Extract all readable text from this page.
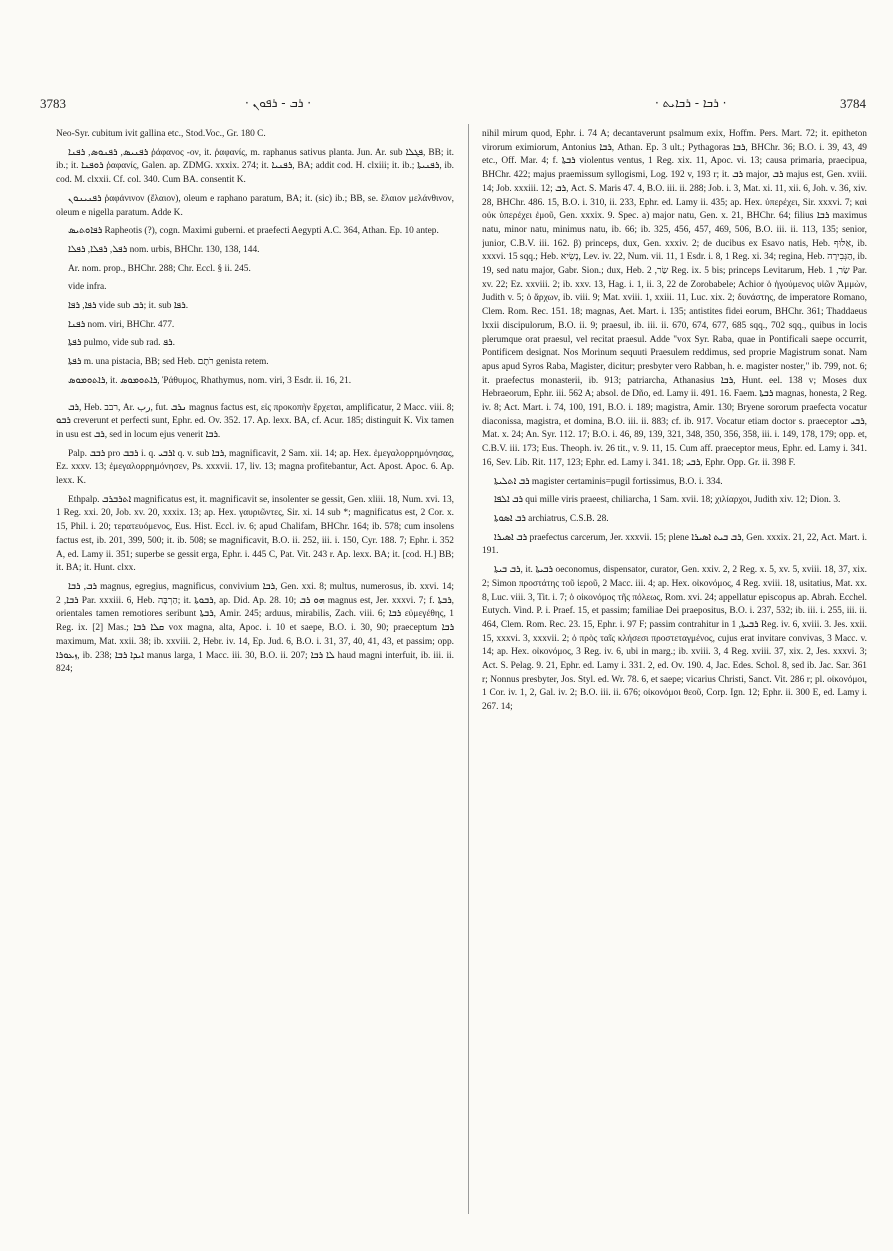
3783	· ܪܒ - ܪܦܘܢ ·	· ܪܒܐ - ܪܒܐܝܬ ·	3784

Neo-Syr. cubitum ivit gallina etc., Stod.Voc., Gr. 180 C.

ܪܦܢܝܣ, ܪܦܢܘܣ, ܪܦܢܐ ῥάφανος -ον, it. ῥαφανίς, m. raphanus sativus planta. Jun. Ar. sub ܦܓܠܐ, BB; it. ib.; it. ܪܘܦܢܐ ῥαφανίς, Galen. ap. ZDMG. xxxix. 274; it. ܪܦܢܝܐ, BA; addit cod. H. clxiii; it. ib.; ܪܦܢܝܬܐ, ib. cod. M. clxxii. Cf. col. 340. Cum BA. consentit K.

ܪܦܢܝܢܘܢ ῥαφάνινον (ἔλαιον), oleum e raphano paratum, BA; it. (sic) ib.; BB, se. ἔλαιον μελάνθινον, oleum e nigella paratum. Adde K.

ܪܦܐܘܬܝܣ Rapheotis (?), cogn. Maximi guberni. et praefecti Aegypti A.C. 364, Athan. Ep. 10 antep.

ܪܦܠ, ܪܦܠܐ, ܪܦܠܐ nom. urbis, BHChr. 130, 138, 144.

Ar. nom. prop., BHChr. 288; Chr. Eccl. § ii. 245.

vide infra.

ܪܦܐ, ܪܦܐ vide sub ܪܒ; it. sub ܪܦܐ.

ܪܦܢܐ nom. viri, BHChr. 477.

ܪܦܬܐ pulmo, vide sub rad. ܪܦ.

ܪܦܬܐ m. una pistacia, BB; sed Heb. רֹתֶם genista retem.

ܪܐܬܘܡܘܣ, it. ܪܐܬܘܡܘܣ, Ῥάθυμος, Rhathymus, nom. viri, 3 Esdr. ii. 16, 21.

ܪܒ, Heb. רבב, Ar. رب, fut. ܢܪܒ magnus factus est, εἰς προκοπὴν ἔρχεται, amplificatur, 2 Macc. viii. 8; ܪܒܘ creverunt et perfecti sunt, Ephr. ed. Ov. 352. 17. Ap. lexx. BA, cf. Acur. 185; distinguit K. Vix tamen in usu est ܪܒ, sed in locum ejus venerit ܪܒܐ.

Palp. ܪܒܒ pro ܪܒܒ i. q. ܐܪܒܝ q. v. sub ܪܒܐ, magnificavit, 2 Sam. xii. 14; ap. Hex. ἐμεγαλορρημόνησας, Ez. xxxv. 13; ἐμεγαλορρημόνησεν, Ps. xxxvii. 17, liv. 13; magna profitebantur, Act. Apost. Apoc. 6. Ap. lexx. K.

Ethpalp. ܐܬܪܒܪܒ magnificatus est, it. magnificavit se, insolenter se gessit, Gen. xliii. 18, Num. xvi. 13, 1 Reg. xxi. 20, Job. xv. 20, xxxix. 13; ap. Hex. γαυριῶντες, Sir. xi. 14 sub *; magnificatus est, 2 Cor. x. 15, Phil. i. 20; τερατευόμενος, Eus. Hist. Eccl. iv. 6; apud Chalifam, BHChr. 164; ib. 578; cum insolens factus est, ib. 201, 399, 500; it. ib. 508; se magnificavit, B.O. ii. 252, iii. i. 150, Cyr. 188. 7; Ephr. i. 352 A, ed. Lamy ii. 351; superbe se gessit erga, Ephr. i. 445 C, Pat. Vit. 243 r. Ap. lexx. BA; it. [cod. H.] BB; it. BA; it. Hunt. clxx.

ܪܒ, ܪܒܐ magnus, egregius, magnificus, convivium ܪܒܐ, Gen. xxi. 8; multus, numerosus, ib. xxvi. 14; ܪܒܐ, 2 Par. xxxiii. 6, Heb. הַרְבָּה; it. ܪܒܘܬܐ, ap. Did. Ap. 28. 10; ܗܘ ܪܒ magnus est, Jer. xxxvi. 7; f. ܪܒܬܐ, orientales tamen remotiores seribunt ܪܒܬܐ, Amir. 245; arduus, mirabilis, Zach. viii. 6; ܪܒܐ εὐμεγέθης, 1 Reg. ix. [2] Mas.; ܩܠܐ ܪܒܐ vox magna, alta, Apoc. i. 10 et saepe, B.O. i. 30, 90; praeceptum ܪܒܐ maximum, Mat. xxii. 38; ib. xxviii. 2, Hebr. iv. 14, Ep. Jud. 6, B.O. i. 31, 37, 40, 41, 43, et passim; opp. ܙܥܘܪܐ, ib. 238; ܐܝܕܐ ܪܒܐ manus larga, 1 Macc. iii. 30, B.O. ii. 207; ܠܐ ܪܒܐ haud magni interfuit, ib. iii. ii. 824;

nihil mirum quod, Ephr. i. 74 A; decantaverunt psalmum exix, Hoffm. Pers. Mart. 72; it. epitheton virorum eximiorum, Antonius ܪܒܐ, Athan. Ep. 3 ult.; Pythagoras ܪܒܐ, BHChr. 36; B.O. i. 39, 43, 49 etc., Off. Mar. 4; f. ܪܒܬܐ violentus ventus, 1 Reg. xix. 11, Apoc. vi. 13; causa primaria, praecipua, BHChr. 422; majus praemissum syllogismi, Log. 192 v, 193 r; it. ܪܒ major, ܪܒ majus est, Gen. xviii. 14; Job. xxxiii. 12; ܪܒ, Act. S. Maris 47. 4, B.O. iii. ii. 288; Job. i. 3, Mat. xi. 11, xii. 6, Joh. v. 36, xiv. 28, BHChr. 486. 15, B.O. i. 310, ii. 233, Ephr. ed. Lamy ii. 435; ap. Hex. ὑπερέχει, Sir. xxxvi. 7; καὶ οὐκ ὑπερέχει ἐμοῦ, Gen. xxxix. 9. Spec. a) major natu, Gen. x. 21, BHChr. 64; filius ܪܒܐ maximus natu, minor natu, minimus natu, ib. 66; ib. 325, 456, 457, 469, 506, B.O. iii. ii. 113, 135; senior, junior, C.B.V. iii. 162. β) princeps, dux, Gen. xxxiv. 2; de ducibus ex Esavo natis, Heb. אַלּוּף, ib. xxxvi. 15 sqq.; Heb. נָשִׂיא, Lev. iv. 22, Num. vii. 11, 1 Esdr. i. 8, 1 Reg. xi. 34; regina, Heb. הַגְּבִירָה, ib. 19, sed natu major, Gabr. Sion.; dux, Heb. שַׂר, 2 Reg. ix. 5 bis; princeps Levitarum, Heb. שַׂר, 1 Par. xv. 22; Ez. xxviii. 2; ib. xxv. 13, Hag. i. 1, ii. 3, 22 de Zorobabele; Achior ὁ ἡγούμενος υἱῶν Ἀμμὼν, Judith v. 5; ὁ ἄρχων, ib. viii. 9; Mat. xviii. 1, xxiii. 11, Luc. xix. 2; δυνάστης, de imperatore Romano, Clem. Rom. Rec. 151. 18; magnas, Aet. Mart. i. 135; antistites fidei eorum, BHChr. 361; Thaddaeus lxxii discipulorum, B.O. ii. 9; praesul, ib. iii. ii. 670, 674, 677, 685 sqq., 702 sqq., quibus in locis plerumque orat praesul, vel recitat praesul. Adde "vox Syr. Raba, quae in Pontificali saepe occurrit, Pontificem designat. Nos Morinum sequuti Praesulem reddimus, sed proprie Magistrum sonat. Nam apus apud Syros Raba, Magister, dicitur; presbyter vero Rabban, h. e. magister noster," ib. 799, not. 6; it. praefectus monasterii, ib. 913; patriarcha, Athanasius ܪܒܐ, Hunt. eel. 138 v; Moses dux Hebraeorum, Ephr. iii. 562 A; absol. de Dño, ed. Lamy ii. 491. 16. Faem. ܪܒܬܐ magnas, honesta, 2 Reg. iv. 8; Act. Mart. i. 74, 100, 191, B.O. i. 189; magistra, Amir. 130; Bryene sororum praefecta vocatur diaconissa, magistra, et domina, B.O. iii. ii. 883; cf. ib. 917. Vocatur etiam doctor s. praeceptor ܪܒܝ, Mat. x. 24; An. Syr. 112. 17; B.O. i. 46, 89, 139, 321, 348, 350, 356, 358, iii. i. 149, 178, 179; opp. et, C.B.V. iii. 173; Eus. Theoph. iv. 26 tit., v. 9. 11, 15. Cum aff. praeceptor meus, Ephr. ed. Lamy i. 341. 16, Sev. Lib. Rit. 117, 123; Ephr. ed. Lamy i. 341. 18; ܪܒܝ, Ephr. Opp. Gr. ii. 398 F.

ܪܒ ܐܬܠܝܬܐ magister certaminis=pugil fortissimus, B.O. i. 334.

ܪܒ ܐܠܦܐ qui mille viris praeest, chiliarcha, 1 Sam. xvii. 18; χιλίαρχοι, Judith xiv. 12; Dion. 3.

ܪܒ ܐܣܘܬܐ archiatrus, C.S.B. 28.

ܪܒ ܐܣܝܪܐ praefectus carcerum, Jer. xxxvii. 15; plene ܪܒ ܒܝܬ ܐܣܝܪܐ, Gen. xxxix. 21, 22, Act. Mart. i. 191.

ܪܒ ܒܝܬܐ, it. ܪܒܝܬܐ oeconomus, dispensator, curator, Gen. xxiv. 2, 2 Reg. x. 5, xv. 5, xviii. 18, 37, xix. 2; Simon προστάτης τοῦ ἱεροῦ, 2 Macc. iii. 4; ap. Hex. οἰκονόμος, 4 Reg. xviii. 18, usitatius, Mat. xx. 8, Luc. viii. 3, Tit. i. 7; ὁ οἰκονόμος τῆς πόλεως, Rom. xvi. 24; appellatur episcopus ap. Abrah. Ecchel. Eutych. Vind. P. i. Praef. 15, et passim; familiae Dei praepositus, B.O. i. 237, 532; ib. iii. i. 255, iii. ii. 464, Clem. Rom. Rec. 23. 15, Ephr. i. 97 F; passim contrahitur in ܪܒܝܬܐ, 1 Reg. iv. 6, xviii. 3. Jes. xxii. 15, xxxvi. 3, xxxvii. 2; ὁ πρὸς ταῖς κλήσεσι προστεταγμένος, cujus erat invitare convivas, 3 Macc. v. 14; ap. Hex. οἰκονόμος, 3 Reg. iv. 6, ubi in marg.; ib. xviii. 3, 4 Reg. xviii. 37, xix. 2, Jes. xxxvi. 3; Act. S. Pelag. 9. 21, Ephr. ed. Lamy i. 331. 2, ed. Ov. 190. 4, Jac. Edes. Schol. 8, sed ib. Jac. Sar. 361 r; Nonnus presbyter, Jos. Styl. ed. Wr. 78. 6, et saepe; vicarius Christi, Sanct. Vit. 286 r; pl. οἰκονόμοι, 1 Cor. iv. 1, 2, Gal. iv. 2; B.O. iii. ii. 676; οἰκονόμοι θεοῦ, Corp. Ign. 12; Ephr. ii. 300 E, ed. Lamy i. 267. 14;
